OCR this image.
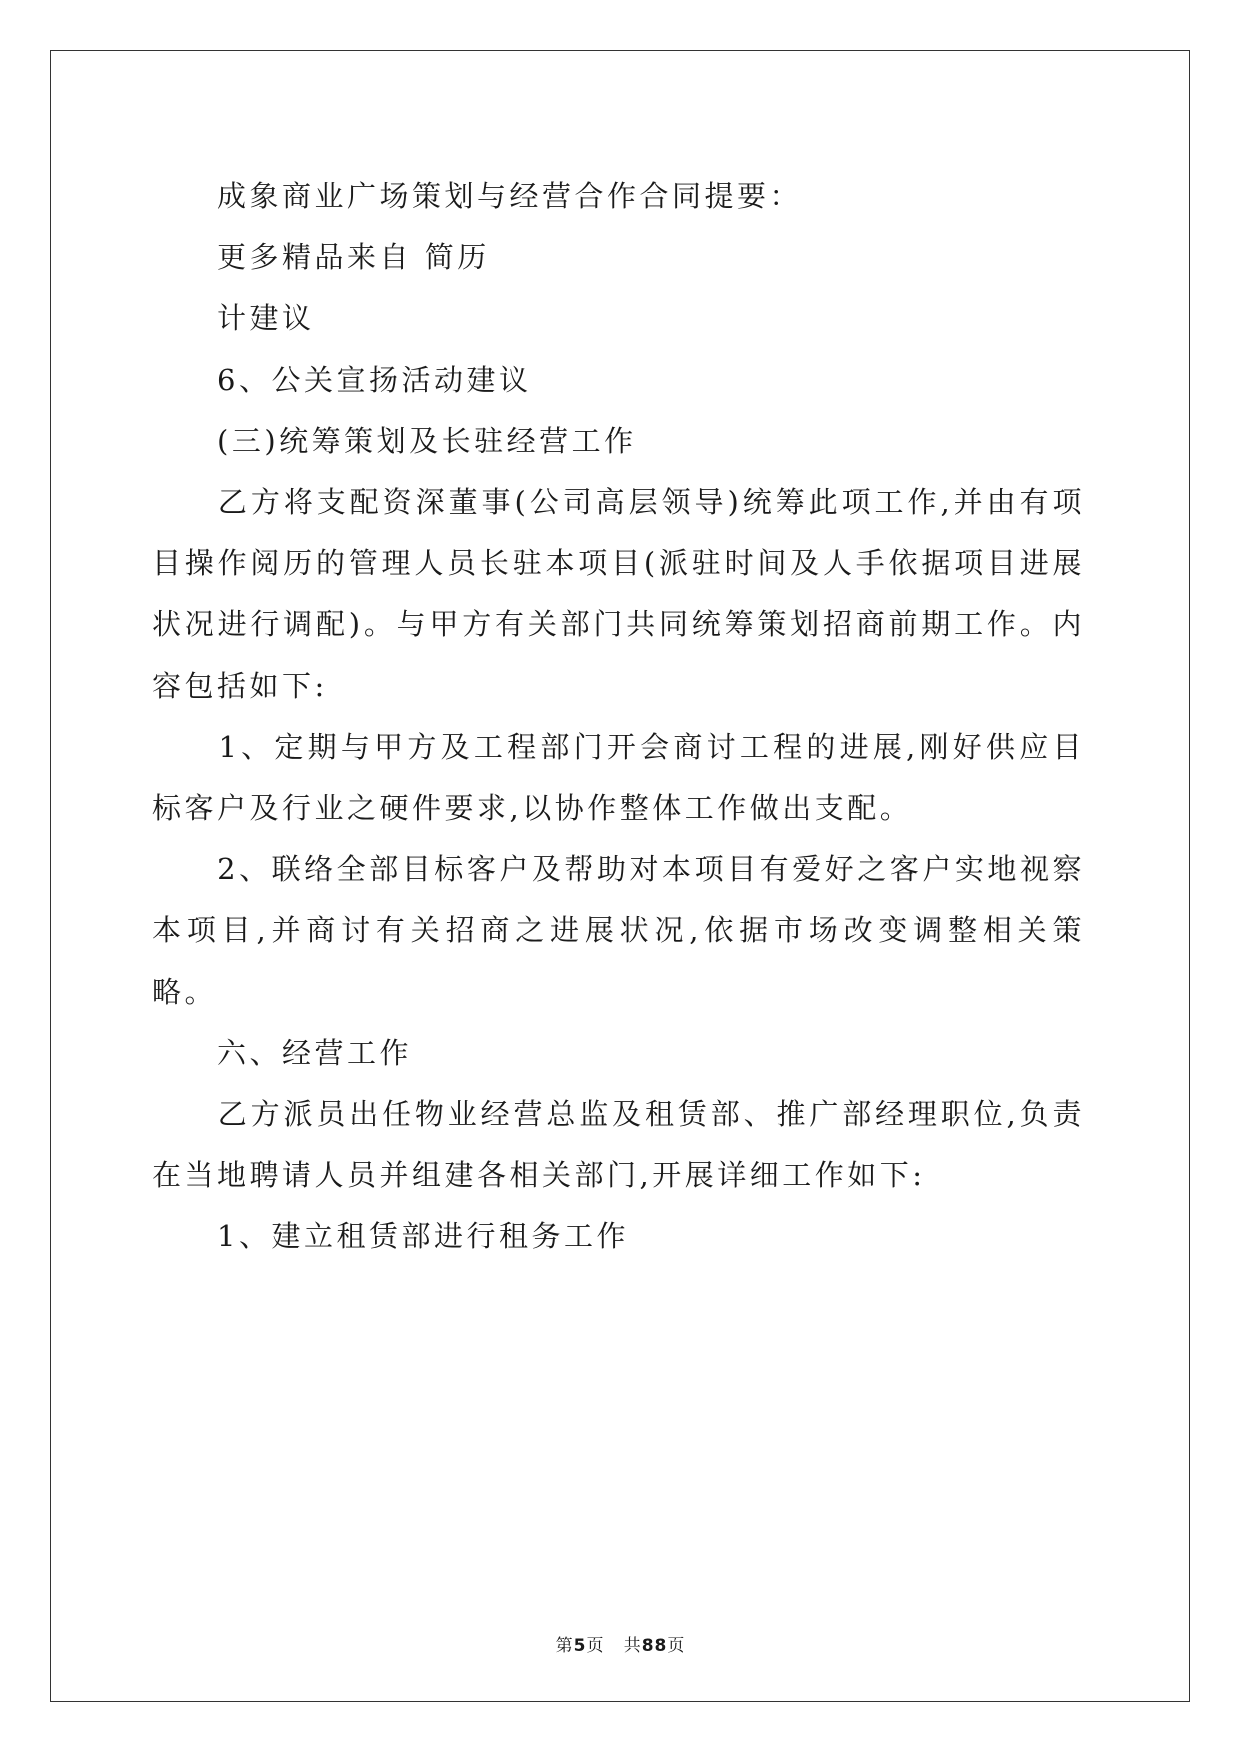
　　成象商业广场策划与经营合作合同提要：

　　更多精品来自 简历

　　计建议

　　6、公关宣扬活动建议

　　(三)统筹策划及长驻经营工作

　　乙方将支配资深董事(公司高层领导)统筹此项工作,并由有项目操作阅历的管理人员长驻本项目(派驻时间及人手依据项目进展状况进行调配)。与甲方有关部门共同统筹策划招商前期工作。内容包括如下:

　　1、定期与甲方及工程部门开会商讨工程的进展,刚好供应目标客户及行业之硬件要求,以协作整体工作做出支配。

　　2、联络全部目标客户及帮助对本项目有爱好之客户实地视察本项目,并商讨有关招商之进展状况,依据市场改变调整相关策略。

　　六、经营工作

　　乙方派员出任物业经营总监及租赁部、推广部经理职位,负责在当地聘请人员并组建各相关部门,开展详细工作如下:

　　1、建立租赁部进行租务工作

第5页 共88页
